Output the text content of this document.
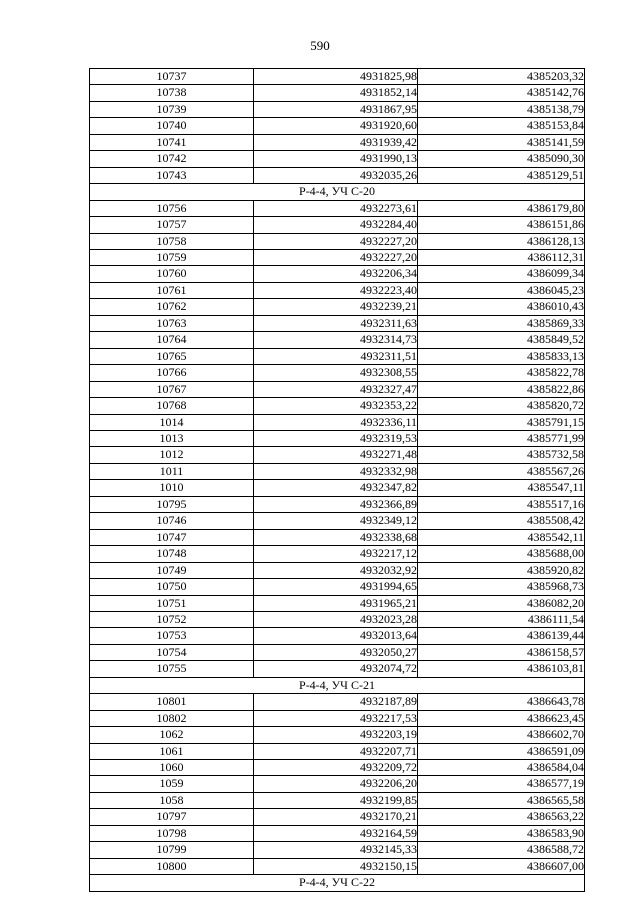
590
10737	4931825,98	4385203,32
10738	4931852,14	4385142,76
10739	4931867,95	4385138,79
10740	4931920,60	4385153,84
10741	4931939,42	4385141,59
10742	4931990,13	4385090,30
10743	4932035,26	4385129,51
Р-4-4, УЧ С-20		
10756	4932273,61	4386179,80
10757	4932284,40	4386151,86
10758	4932227,20	4386128,13
10759	4932227,20	4386112,31
10760	4932206,34	4386099,34
10761	4932223,40	4386045,23
10762	4932239,21	4386010,43
10763	4932311,63	4385869,33
10764	4932314,73	4385849,52
10765	4932311,51	4385833,13
10766	4932308,55	4385822,78
10767	4932327,47	4385822,86
10768	4932353,22	4385820,72
1014	4932336,11	4385791,15
1013	4932319,53	4385771,99
1012	4932271,48	4385732,58
1011	4932332,98	4385567,26
1010	4932347,82	4385547,11
10795	4932366,89	4385517,16
10746	4932349,12	4385508,42
10747	4932338,68	4385542,11
10748	4932217,12	4385688,00
10749	4932032,92	4385920,82
10750	4931994,65	4385968,73
10751	4931965,21	4386082,20
10752	4932023,28	4386111,54
10753	4932013,64	4386139,44
10754	4932050,27	4386158,57
10755	4932074,72	4386103,81
Р-4-4, УЧ С-21		
10801	4932187,89	4386643,78
10802	4932217,53	4386623,45
1062	4932203,19	4386602,70
1061	4932207,71	4386591,09
1060	4932209,72	4386584,04
1059	4932206,20	4386577,19
1058	4932199,85	4386565,58
10797	4932170,21	4386563,22
10798	4932164,59	4386583,90
10799	4932145,33	4386588,72
10800	4932150,15	4386607,00
Р-4-4, УЧ С-22		
